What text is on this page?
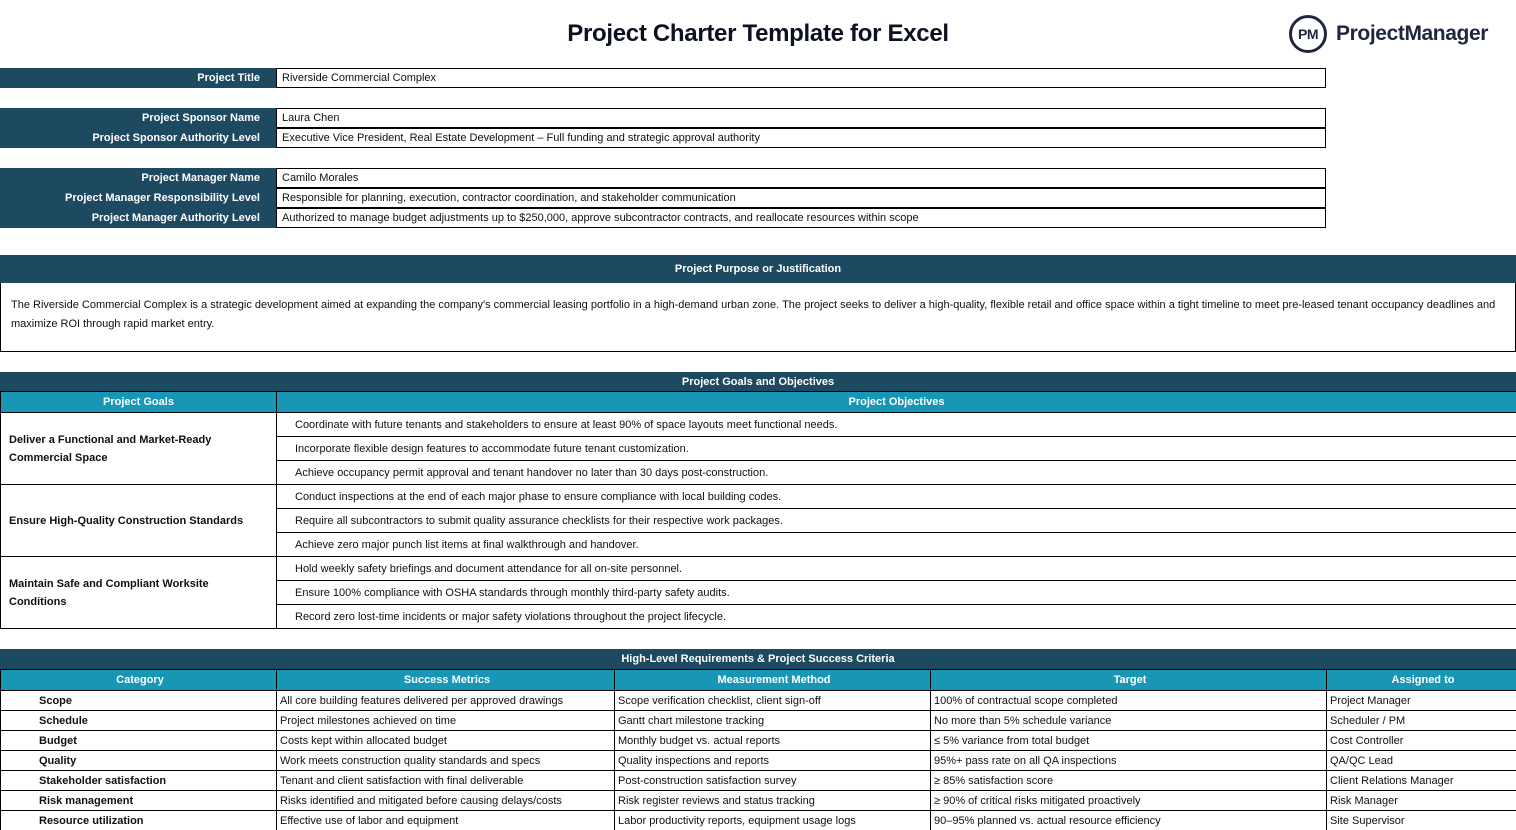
Project Charter Template for Excel	PM ProjectManager
Project Title	Riverside Commercial Complex
Project Sponsor Name	Laura Chen
Project Sponsor Authority Level	Executive Vice President, Real Estate Development – Full funding and strategic approval authority
Project Manager Name	Camilo Morales
Project Manager Responsibility Level	Responsible for planning, execution, contractor coordination, and stakeholder communication
Project Manager Authority Level	Authorized to manage budget adjustments up to $250,000, approve subcontractor contracts, and reallocate resources within scope
Project Purpose or Justification
The Riverside Commercial Complex is a strategic development aimed at expanding the company's commercial leasing portfolio in a high-demand urban zone. The project seeks to deliver a high-quality, flexible retail and office space within a tight timeline to meet pre-leased tenant occupancy deadlines and maximize ROI through rapid market entry.
Project Goals and Objectives
Project Goals	Project Objectives
Deliver a Functional and Market-Ready Commercial Space	Coordinate with future tenants and stakeholders to ensure at least 90% of space layouts meet functional needs.
	Incorporate flexible design features to accommodate future tenant customization.
	Achieve occupancy permit approval and tenant handover no later than 30 days post-construction.
Ensure High-Quality Construction Standards	Conduct inspections at the end of each major phase to ensure compliance with local building codes.
	Require all subcontractors to submit quality assurance checklists for their respective work packages.
	Achieve zero major punch list items at final walkthrough and handover.
Maintain Safe and Compliant Worksite Conditions	Hold weekly safety briefings and document attendance for all on-site personnel.
	Ensure 100% compliance with OSHA standards through monthly third-party safety audits.
	Record zero lost-time incidents or major safety violations throughout the project lifecycle.
High-Level Requirements & Project Success Criteria
Category	Success Metrics	Measurement Method	Target	Assigned to
Scope	All core building features delivered per approved drawings	Scope verification checklist, client sign-off	100% of contractual scope completed	Project Manager
Schedule	Project milestones achieved on time	Gantt chart milestone tracking	No more than 5% schedule variance	Scheduler / PM
Budget	Costs kept within allocated budget	Monthly budget vs. actual reports	≤ 5% variance from total budget	Cost Controller
Quality	Work meets construction quality standards and specs	Quality inspections and reports	95%+ pass rate on all QA inspections	QA/QC Lead
Stakeholder satisfaction	Tenant and client satisfaction with final deliverable	Post-construction satisfaction survey	≥ 85% satisfaction score	Client Relations Manager
Risk management	Risks identified and mitigated before causing delays/costs	Risk register reviews and status tracking	≥ 90% of critical risks mitigated proactively	Risk Manager
Resource utilization	Effective use of labor and equipment	Labor productivity reports, equipment usage logs	90–95% planned vs. actual resource efficiency	Site Supervisor
